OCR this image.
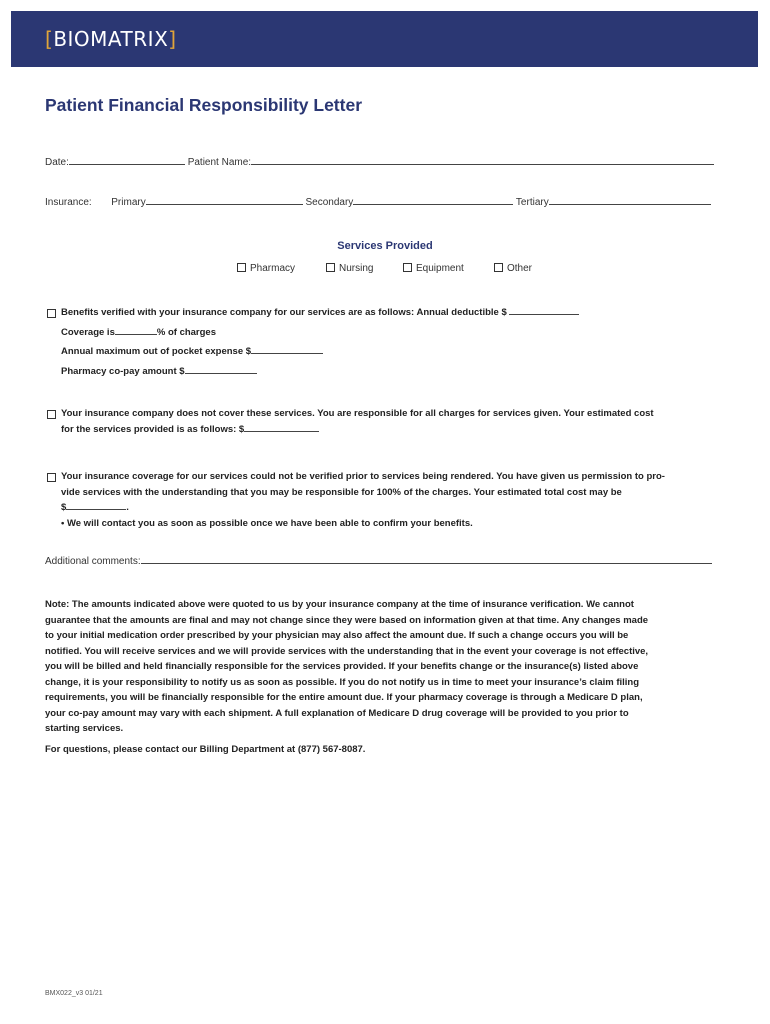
[BIOMATRIX]
Patient Financial Responsibility Letter
Date:	Patient Name:
Insurance: Primary	Secondary	Tertiary
Services Provided
Pharmacy	Nursing	Equipment	Other
Benefits verified with your insurance company for our services are as follows: Annual deductible $
Coverage is	% of charges
Annual maximum out of pocket expense $
Pharmacy co-pay amount $
Your insurance company does not cover these services. You are responsible for all charges for services given. Your estimated cost
for the services provided is as follows: $
Your insurance coverage for our services could not be verified prior to services being rendered. You have given us permission to pro-
vide services with the understanding that you may be responsible for 100% of the charges. Your estimated total cost may be
$	.
• We will contact you as soon as possible once we have been able to confirm your benefits.
Additional comments:

Note: The amounts indicated above were quoted to us by your insurance company at the time of insurance verification. We cannot

guarantee that the amounts are final and may not change since they were based on information given at that time. Any changes made

to your initial medication order prescribed by your physician may also affect the amount due. If such a change occurs you will be

notified. You will receive services and we will provide services with the understanding that in the event your coverage is not effective,

you will be billed and held financially responsible for the services provided. If your benefits change or the insurance(s) listed above

change, it is your responsibility to notify us as soon as possible. If you do not notify us in time to meet your insurance’s claim filing

requirements, you will be financially responsible for the entire amount due. If your pharmacy coverage is through a Medicare D plan,

your co-pay amount may vary with each shipment. A full explanation of Medicare D drug coverage will be provided to you prior to

starting services.

For questions, please contact our Billing Department at (877) 567-8087.
BMX022_v3 01/21
